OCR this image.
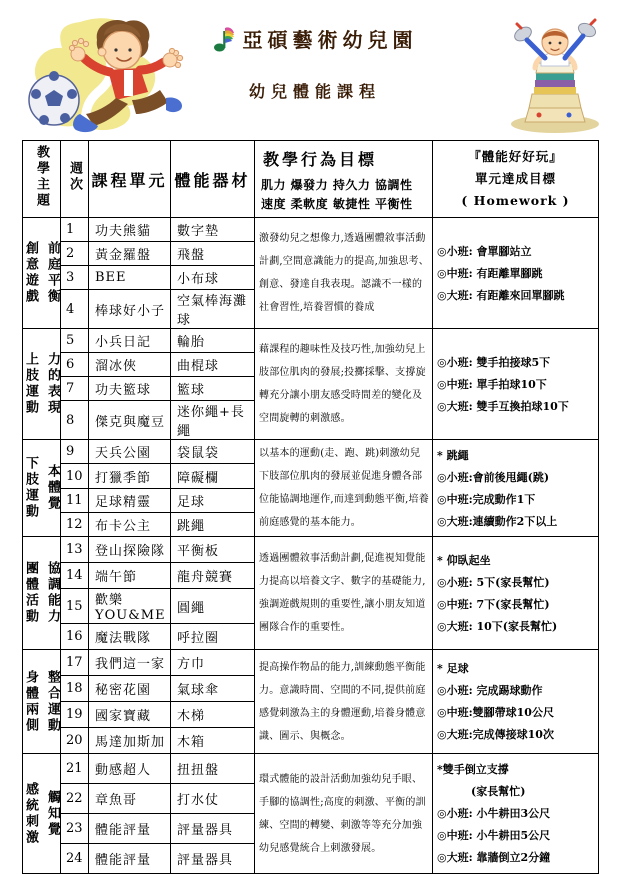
亞碩藝術幼兒園
幼兒體能課程
教學主題	週次	課程單元	體能器材	
教學行為目標
肌力 爆發力 持久力 協調性
速度 柔軟度 敏捷性 平衡性

『體能好好玩』
單元達成目標
( Homework )

創意遊戲 前庭平衡
	1	功夫熊貓	數字墊	激發幼兒之想像力,透過團體敘事活動計劃,空間意識能力的提高,加強思考、創意、發達自我表現。認識不一樣的社會習性,培養習慣的養成	
◎小班: 會單腳站立
◎中班: 有距離單腳跳
◎大班: 有距離來回單腳跳

	2	黃金羅盤	飛盤		
	3	BEE	小布球		
	4	棒球好小子	空氣棒海灘球		

上肢運動 力的表現
	5	小兵日記	輪胎	藉課程的趣味性及技巧性,加強幼兒上肢部位肌肉的發展;投擲採擊、支撐旋轉充分讓小朋友感受時間差的變化及空間旋轉的刺激感。	
◎小班: 雙手拍接球5下
◎中班: 單手拍球10下
◎大班: 雙手互換拍球10下

	6	溜冰俠	曲棍球		
	7	功夫籃球	籃球		
	8	傑克與魔豆	迷你繩+長繩		

下肢運動 本體覺
	9	天兵公園	袋鼠袋	以基本的運動(走、跑、跳)刺激幼兒下肢部位肌肉的發展並促進身體各部位能協調地運作,而達到動態平衡,培養前庭感覺的基本能力。	
* 跳繩
◎小班:會前後甩繩(跳)
◎中班:完成動作1下
◎大班:連續動作2下以上

	10	打獵季節	障礙欄		
	11	足球精靈	足球		
	12	布卡公主	跳繩		

團體活動 協調能力
	13	登山探險隊	平衡板	透過團體敘事活動計劃,促進視知覺能力提高以培養文字、數字的基礎能力,強調遊戲規則的重要性,讓小朋友知道團隊合作的重要性。	
* 仰臥起坐
◎小班: 5下(家長幫忙)
◎中班: 7下(家長幫忙)
◎大班: 10下(家長幫忙)

	14	端午節	龍舟競賽		
	15	歡樂 YOU&ME	圓繩		
	16	魔法戰隊	呼拉圈		

身體兩側 整合運動
	17	我們這一家	方巾	提高操作物品的能力,訓練動態平衡能力。意識時間、空間的不同,提供前庭感覺刺激為主的身體運動,培養身體意識、圖示、與概念。	
* 足球
◎小班: 完成踢球動作
◎中班:雙腳帶球10公尺
◎大班:完成傳接球10次

	18	秘密花園	氣球傘		
	19	國家寶藏	木梯		
	20	馬達加斯加	木箱		

感統刺激 觸知覺
	21	動感超人	扭扭盤	環式體能的設計活動加強幼兒手眼、手腳的協調性;高度的刺激、平衡的訓練、空間的轉變、刺激等等充分加強幼兒感覺統合上刺激發展。	
*雙手倒立支撐
(家長幫忙)
◎小班: 小牛耕田3公尺
◎中班: 小牛耕田5公尺
◎大班: 靠牆倒立2分鐘

	22	章魚哥	打水仗		
	23	體能評量	評量器具		
	24	體能評量	評量器具		
